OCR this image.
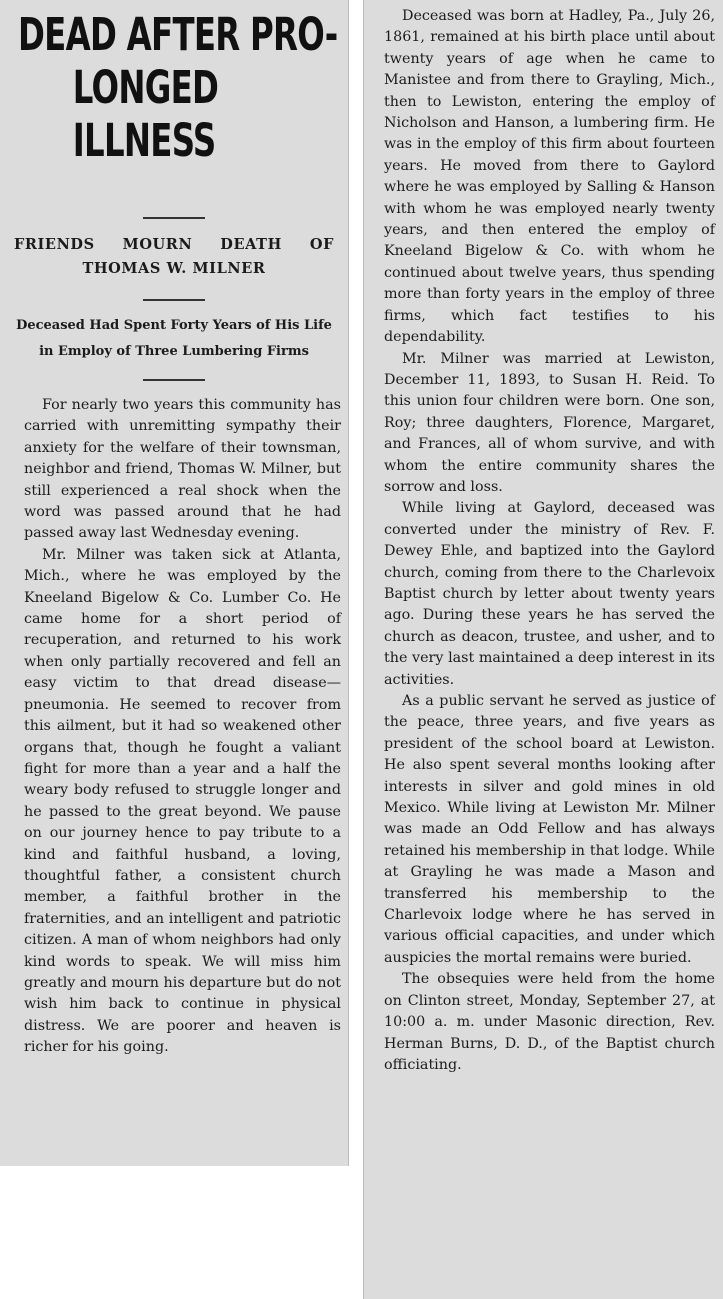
DEAD AFTER PRO-
LONGED ILLNESS
FRIENDS MOURN DEATH OF
THOMAS W. MILNER
Deceased Had Spent Forty Years of His Life in Employ of Three Lumbering Firms

For nearly two years this community has carried with unremitting sympathy their anxiety for the welfare of their townsman, neighbor and friend, Thomas W. Milner, but still experienced a real shock when the word was passed around that he had passed away last Wednesday evening.

Mr. Milner was taken sick at Atlanta, Mich., where he was employed by the Kneeland Bigelow & Co. Lumber Co. He came home for a short period of recuperation, and returned to his work when only partially recovered and fell an easy victim to that dread disease—pneumonia. He seemed to recover from this ailment, but it had so weakened other organs that, though he fought a valiant fight for more than a year and a half the weary body refused to struggle longer and he passed to the great beyond. We pause on our journey hence to pay tribute to a kind and faithful husband, a loving, thoughtful father, a consistent church member, a faithful brother in the fraternities, and an intelligent and patriotic citizen. A man of whom neighbors had only kind words to speak. We will miss him greatly and mourn his departure but do not wish him back to continue in physical distress. We are poorer and heaven is richer for his going.

Deceased was born at Hadley, Pa., July 26, 1861, remained at his birth place until about twenty years of age when he came to Manistee and from there to Grayling, Mich., then to Lewiston, entering the employ of Nicholson and Hanson, a lumbering firm. He was in the employ of this firm about fourteen years. He moved from there to Gaylord where he was employed by Salling & Hanson with whom he was employed nearly twenty years, and then entered the employ of Kneeland Bigelow & Co. with whom he continued about twelve years, thus spending more than forty years in the employ of three firms, which fact testifies to his dependability.

Mr. Milner was married at Lewiston, December 11, 1893, to Susan H. Reid. To this union four children were born. One son, Roy; three daughters, Florence, Margaret, and Frances, all of whom survive, and with whom the entire community shares the sorrow and loss.

While living at Gaylord, deceased was converted under the ministry of Rev. F. Dewey Ehle, and baptized into the Gaylord church, coming from there to the Charlevoix Baptist church by letter about twenty years ago. During these years he has served the church as deacon, trustee, and usher, and to the very last maintained a deep interest in its activities.

As a public servant he served as justice of the peace, three years, and five years as president of the school board at Lewiston. He also spent several months looking after interests in silver and gold mines in old Mexico. While living at Lewiston Mr. Milner was made an Odd Fellow and has always retained his membership in that lodge. While at Grayling he was made a Mason and transferred his membership to the Charlevoix lodge where he has served in various official capacities, and under which auspicies the mortal remains were buried.

The obsequies were held from the home on Clinton street, Monday, September 27, at 10:00 a. m. under Masonic direction, Rev. Herman Burns, D. D., of the Baptist church officiating.
